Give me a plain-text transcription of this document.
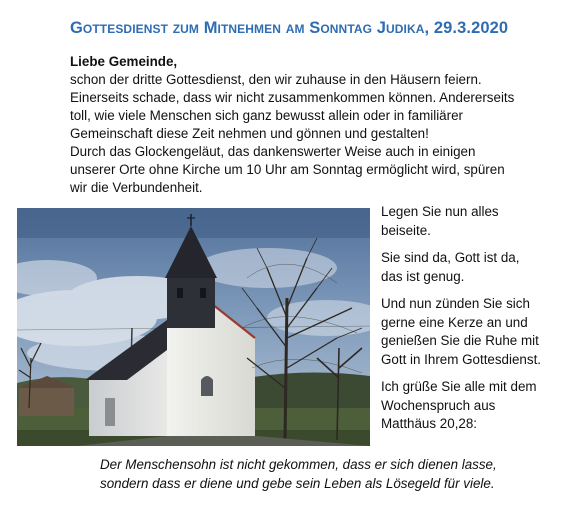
Gottesdienst zum Mitnehmen am Sonntag Judika, 29.3.2020

Liebe Gemeinde,

schon der dritte Gottesdienst, den wir zuhause in den Häusern feiern.

Einerseits schade, dass wir nicht zusammenkommen können. Andererseits

toll, wie viele Menschen sich ganz bewusst allein oder in familiärer

Gemeinschaft diese Zeit nehmen und gönnen und gestalten!

Durch das Glockengeläut, das dankenswerter Weise auch in einigen

unserer Orte ohne Kirche um 10 Uhr am Sonntag ermöglicht wird, spüren

wir die Verbundenheit.

Legen Sie nun alles
beiseite.

Sie sind da, Gott ist da,
das ist genug.

Und nun zünden Sie sich
gerne eine Kerze an und
genießen Sie die Ruhe mit
Gott in Ihrem Gottesdienst.

Ich grüße Sie alle mit dem
Wochenspruch aus
Matthäus 20,28:

Der Menschensohn ist nicht gekommen, dass er sich dienen lasse,

sondern dass er diene und gebe sein Leben als Lösegeld für viele.
